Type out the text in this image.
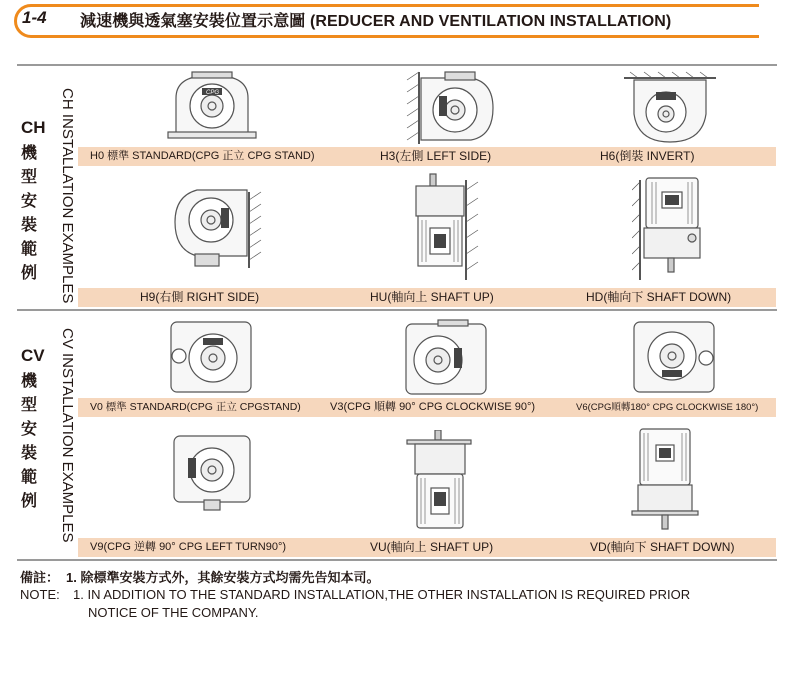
1-4 減速機與透氣塞安裝位置示意圖 (REDUCER AND VENTILATION INSTALLATION)
CH
機
型
安
裝
範
例 CH INSTALLATION EXAMPLES
CV
機
型
安
裝
範
例 CV INSTALLATION EXAMPLES
H0 標準 STANDARD(CPG 正立 CPG STAND)	H3(左側 LEFT SIDE)	H6(倒裝 INVERT)
H9(右側 RIGHT SIDE)	HU(軸向上 SHAFT UP)	HD(軸向下 SHAFT DOWN)
V0 標準 STANDARD(CPG 正立 CPGSTAND)	V3(CPG 順轉 90° CPG CLOCKWISE 90°)	V6(CPG順轉180° CPG CLOCKWISE 180°)
V9(CPG 逆轉 90° CPG LEFT TURN90°)	VU(軸向上 SHAFT UP)	VD(軸向下 SHAFT DOWN)
CPG
備註： 1. 除標準安裝方式外，其餘安裝方式均需先告知本司。
NOTE: 1. IN ADDITION TO THE STANDARD INSTALLATION,THE OTHER INSTALLATION IS REQUIRED PRIOR
NOTICE OF THE COMPANY.
